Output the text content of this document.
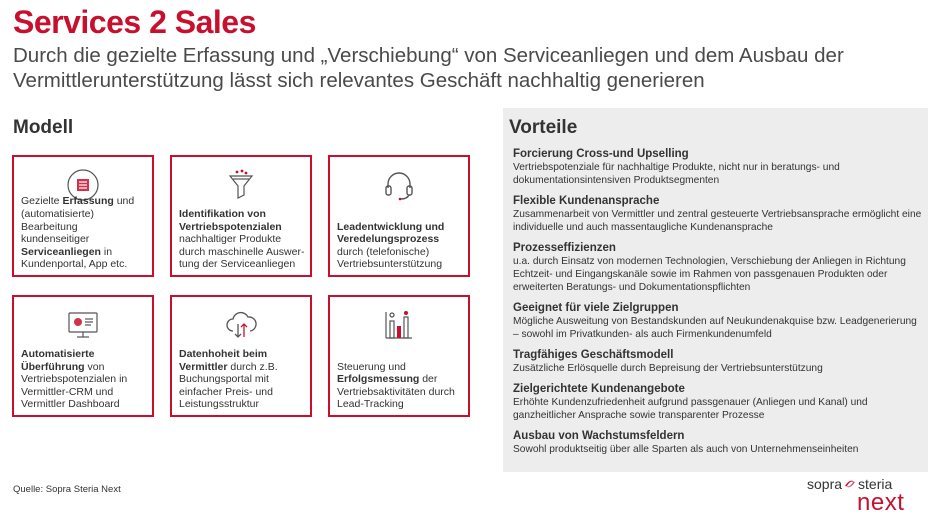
Services 2 Sales
Durch die gezielte Erfassung und „Verschiebung“ von Serviceanliegen und dem Ausbau der Vermittlerunterstützung lässt sich relevantes Geschäft nachhaltig generieren
Modell
Gezielte Erfassung und (automatisierte) Bearbeitung kundenseitiger Serviceanliegen in Kundenportal, App etc.
Identifikation von Vertriebspotenzialen nachhaltiger Produkte durch maschinelle Auswer-tung der Serviceanliegen
Leadentwicklung und Veredelungsprozess durch (telefonische) Vertriebsunterstützung
Automatisierte Überführung von Vertriebspotenzialen in Vermittler-CRM und Vermittler Dashboard
Datenhoheit beim Vermittler durch z.B. Buchungsportal mit einfacher Preis- und Leistungsstruktur
Steuerung und Erfolgsmessung der Vertriebsaktivitäten durch Lead-Tracking
Vorteile
Forcierung Cross-und Upselling
Vertriebspotenziale für nachhaltige Produkte, nicht nur in beratungs- und dokumentationsintensiven Produktsegmenten
Flexible Kundenansprache
Zusammenarbeit von Vermittler und zentral gesteuerte Vertriebsansprache ermöglicht eine individuelle und auch massentaugliche Kundenansprache
Prozesseffizienzen
u.a. durch Einsatz von modernen Technologien, Verschiebung der Anliegen in Richtung Echtzeit- und Eingangskanäle sowie im Rahmen von passgenauen Produkten oder erweiterten Beratungs- und Dokumentationspflichten
Geeignet für viele Zielgruppen
Mögliche Ausweitung von Bestandskunden auf Neukundenakquise bzw. Leadgenerierung – sowohl im Privatkunden- als auch Firmenkundenumfeld
Tragfähiges Geschäftsmodell
Zusätzliche Erlösquelle durch Bepreisung der Vertriebsunterstützung
Zielgerichtete Kundenangebote
Erhöhte Kundenzufriedenheit aufgrund passgenauer (Anliegen und Kanal) und ganzheitlicher Ansprache sowie transparenter Prozesse
Ausbau von Wachstumsfeldern
Sowohl produktseitig über alle Sparten als auch von Unternehmenseinheiten
Quelle: Sopra Steria Next	sopra steria
next
